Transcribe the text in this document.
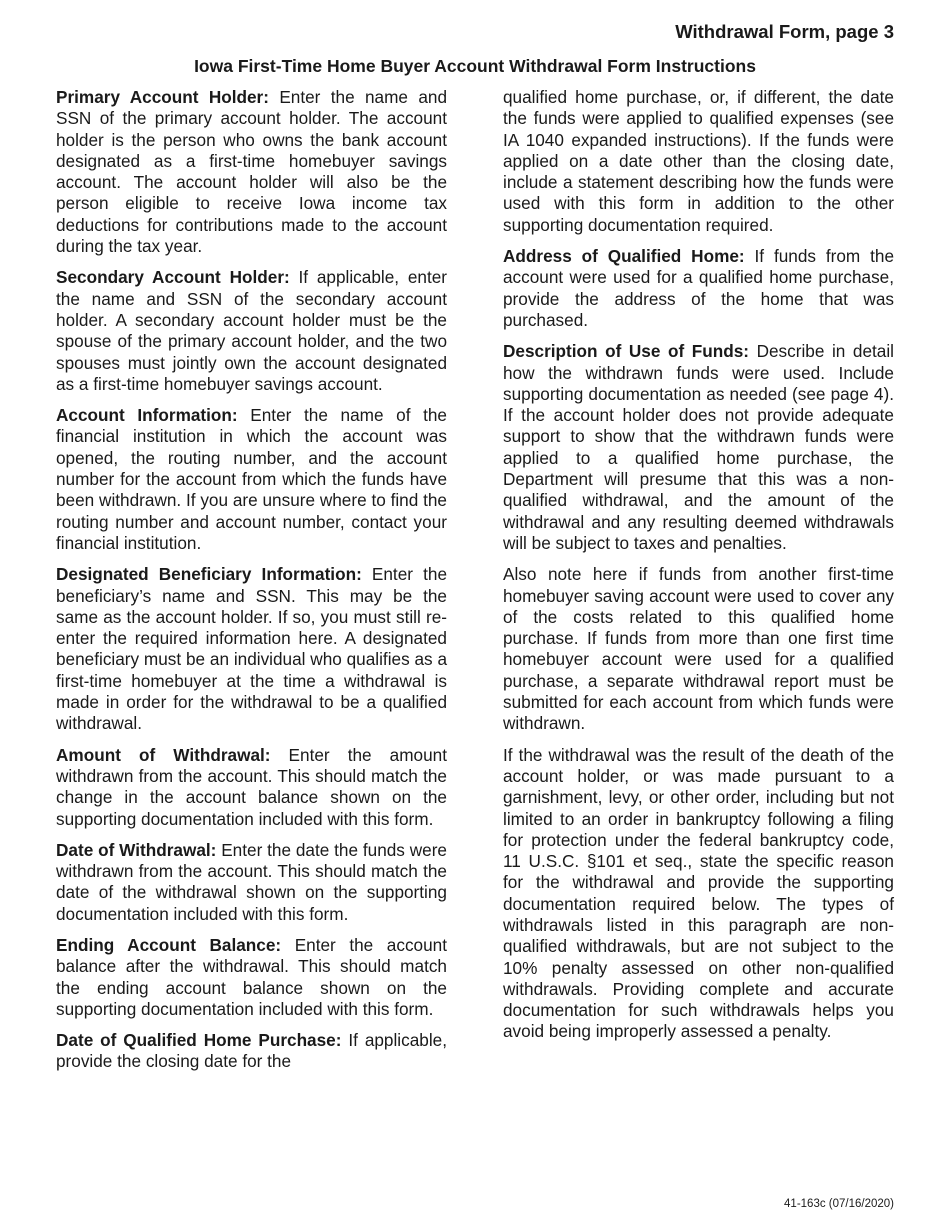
Withdrawal Form, page 3
Iowa First-Time Home Buyer Account Withdrawal Form Instructions

Primary Account Holder: Enter the name and SSN of the primary account holder. The account holder is the person who owns the bank account designated as a first-time homebuyer savings account. The account holder will also be the person eligible to receive Iowa income tax deductions for contributions made to the account during the tax year.

Secondary Account Holder: If applicable, enter the name and SSN of the secondary account holder. A secondary account holder must be the spouse of the primary account holder, and the two spouses must jointly own the account designated as a first-time homebuyer savings account.

Account Information: Enter the name of the financial institution in which the account was opened, the routing number, and the account number for the account from which the funds have been withdrawn. If you are unsure where to find the routing number and account number, contact your financial institution.

Designated Beneficiary Information: Enter the beneficiary’s name and SSN. This may be the same as the account holder. If so, you must still re-enter the required information here. A designated beneficiary must be an individual who qualifies as a first-time homebuyer at the time a withdrawal is made in order for the withdrawal to be a qualified withdrawal.

Amount of Withdrawal: Enter the amount withdrawn from the account. This should match the change in the account balance shown on the supporting documentation included with this form.

Date of Withdrawal: Enter the date the funds were withdrawn from the account. This should match the date of the withdrawal shown on the supporting documentation included with this form.

Ending Account Balance: Enter the account balance after the withdrawal. This should match the ending account balance shown on the supporting documentation included with this form.

Date of Qualified Home Purchase: If applicable, provide the closing date for the

qualified home purchase, or, if different, the date the funds were applied to qualified expenses (see IA 1040 expanded instructions). If the funds were applied on a date other than the closing date, include a statement describing how the funds were used with this form in addition to the other supporting documentation required.

Address of Qualified Home: If funds from the account were used for a qualified home purchase, provide the address of the home that was purchased.

Description of Use of Funds: Describe in detail how the withdrawn funds were used. Include supporting documentation as needed (see page 4). If the account holder does not provide adequate support to show that the withdrawn funds were applied to a qualified home purchase, the Department will presume that this was a non-qualified withdrawal, and the amount of the withdrawal and any resulting deemed withdrawals will be subject to taxes and penalties.

Also note here if funds from another first-time homebuyer saving account were used to cover any of the costs related to this qualified home purchase. If funds from more than one first time homebuyer account were used for a qualified purchase, a separate withdrawal report must be submitted for each account from which funds were withdrawn.

If the withdrawal was the result of the death of the account holder, or was made pursuant to a garnishment, levy, or other order, including but not limited to an order in bankruptcy following a filing for protection under the federal bankruptcy code, 11 U.S.C. §101 et seq., state the specific reason for the withdrawal and provide the supporting documentation required below. The types of withdrawals listed in this paragraph are non-qualified withdrawals, but are not subject to the 10% penalty assessed on other non-qualified withdrawals. Providing complete and accurate documentation for such withdrawals helps you avoid being improperly assessed a penalty.

41-163c (07/16/2020)
